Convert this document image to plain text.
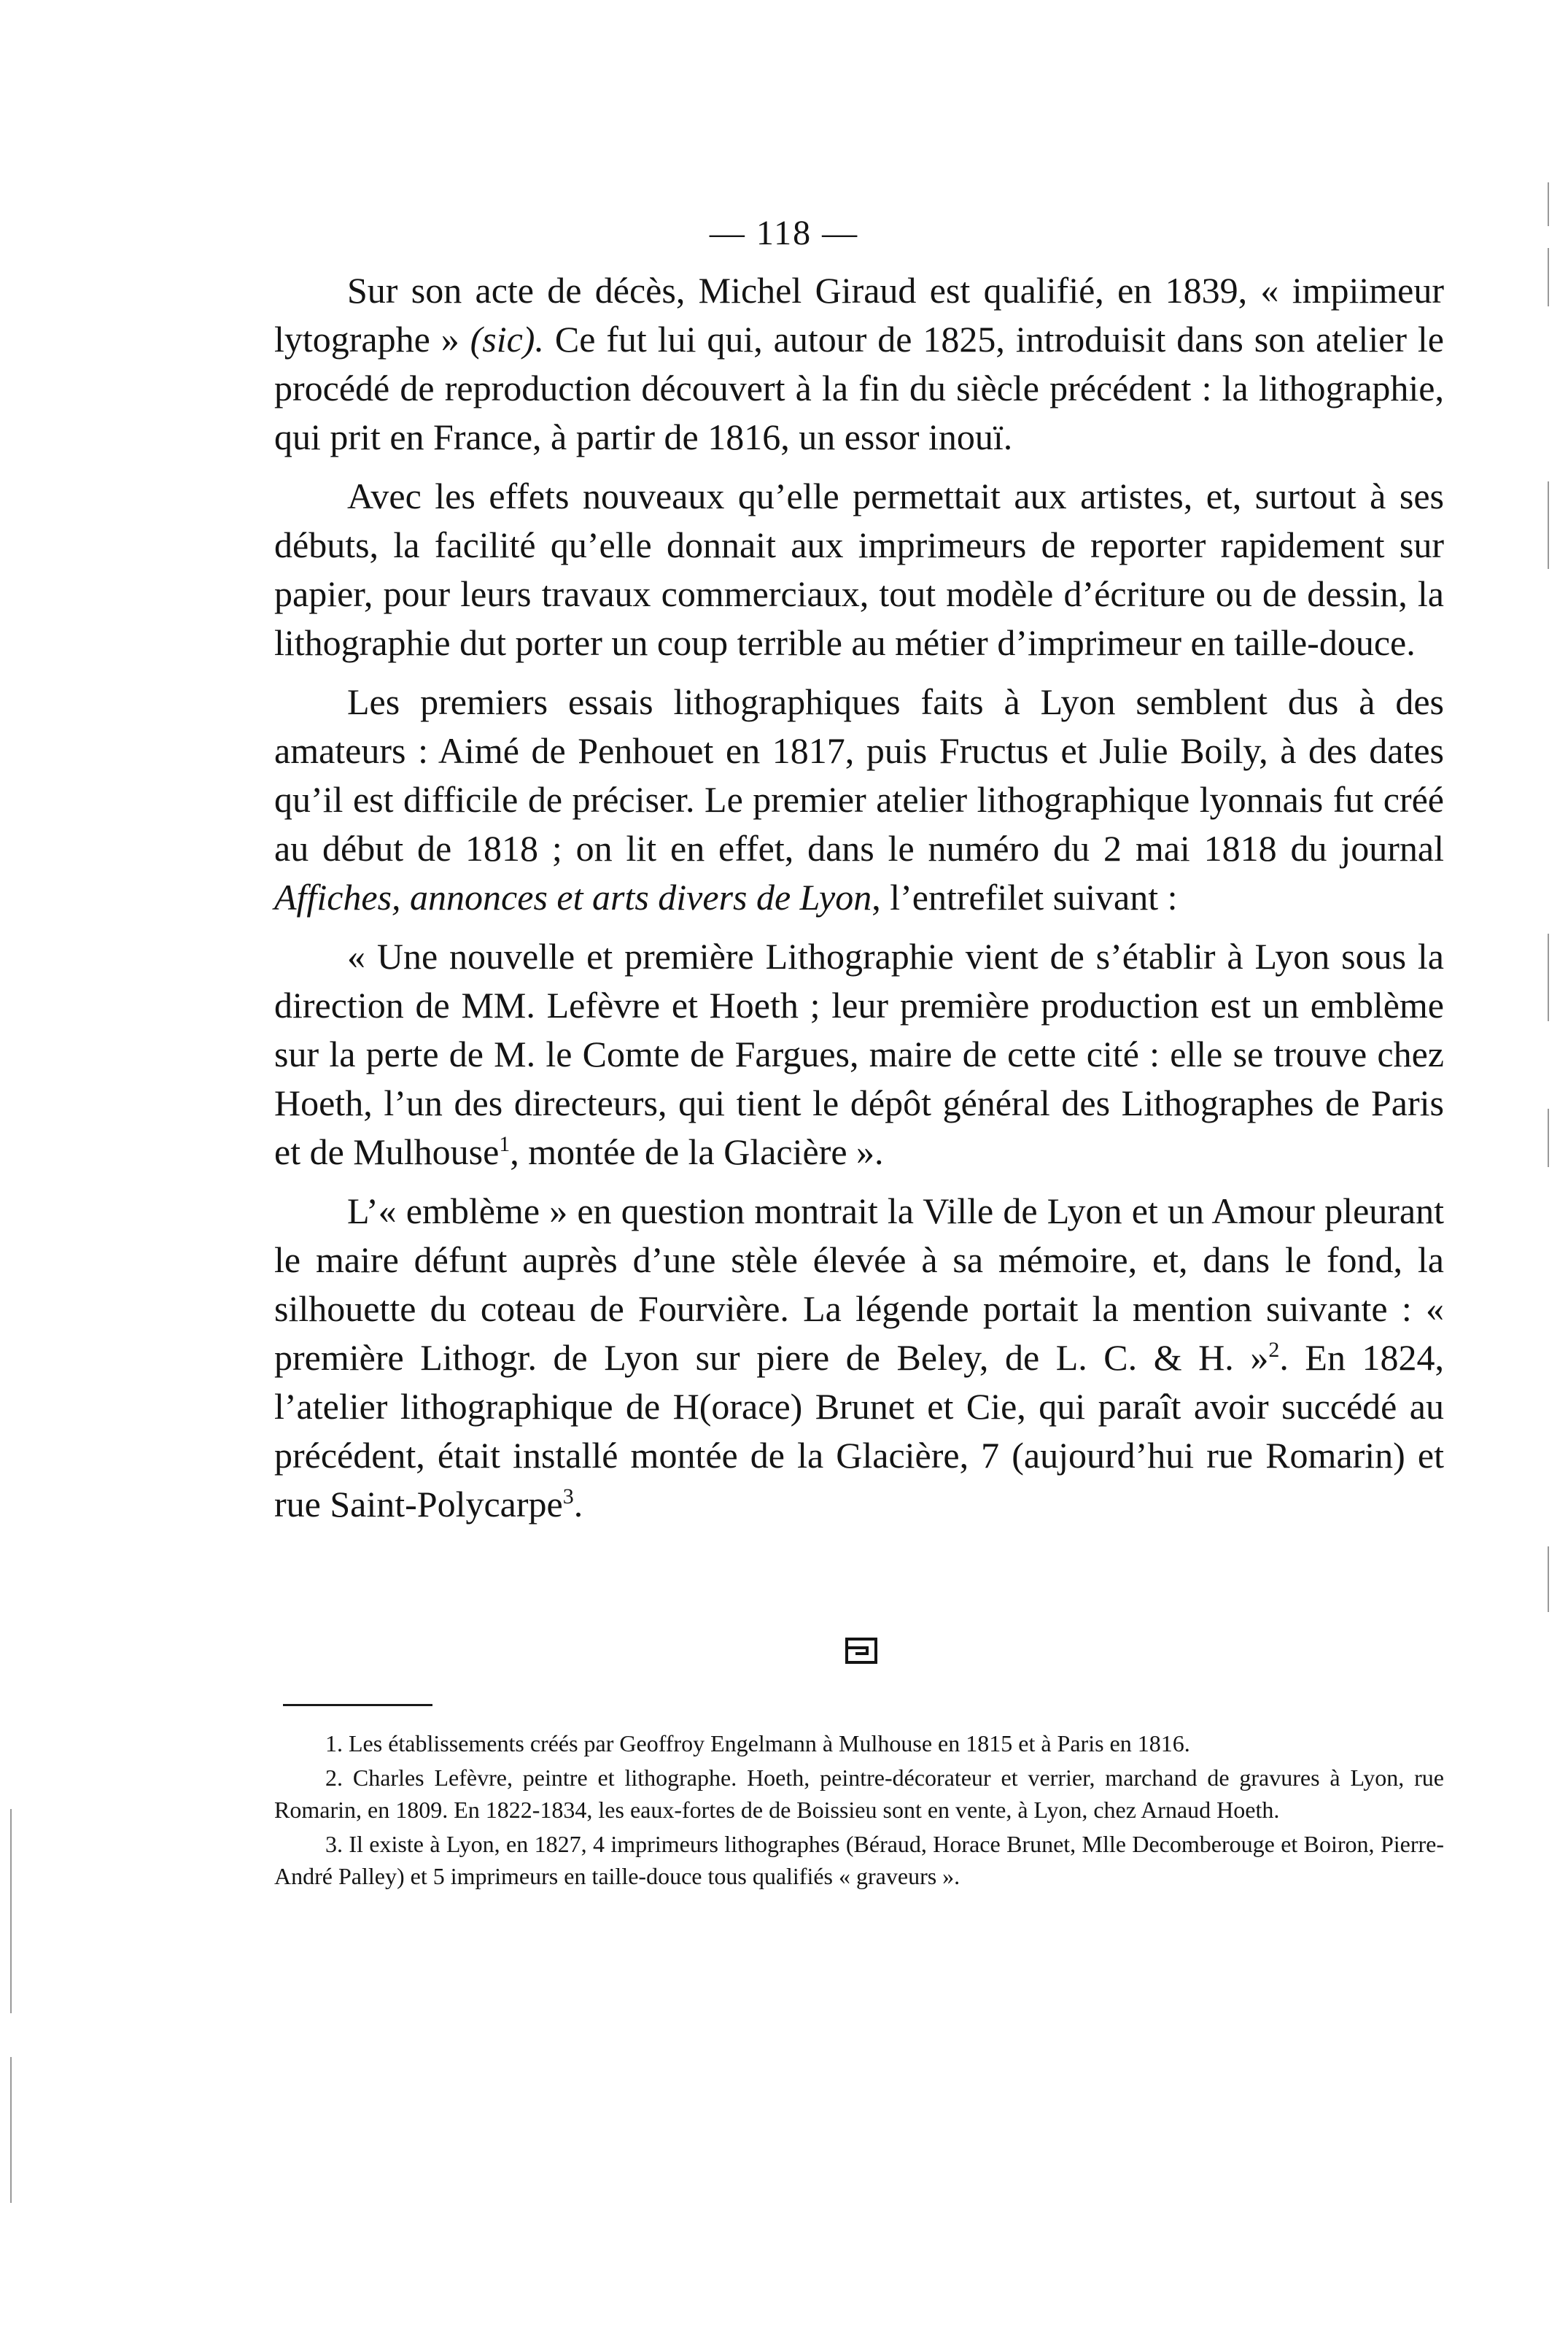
— 118 —

Sur son acte de décès, Michel Giraud est qualifié, en 1839, « impiimeur lytographe » (sic). Ce fut lui qui, autour de 1825, introduisit dans son atelier le procédé de reproduction découvert à la fin du siècle précédent : la lithographie, qui prit en France, à partir de 1816, un essor inouï.

Avec les effets nouveaux qu’elle permettait aux artistes, et, surtout à ses débuts, la facilité qu’elle donnait aux imprimeurs de reporter rapidement sur papier, pour leurs travaux commerciaux, tout modèle d’écriture ou de dessin, la lithographie dut porter un coup terrible au métier d’imprimeur en taille-douce.

Les premiers essais lithographiques faits à Lyon semblent dus à des amateurs : Aimé de Penhouet en 1817, puis Fructus et Julie Boily, à des dates qu’il est difficile de préciser. Le premier atelier lithographique lyonnais fut créé au début de 1818 ; on lit en effet, dans le numéro du 2 mai 1818 du journal Affiches, annonces et arts divers de Lyon, l’entrefilet suivant :

« Une nouvelle et première Lithographie vient de s’établir à Lyon sous la direction de MM. Lefèvre et Hoeth ; leur première production est un emblème sur la perte de M. le Comte de Fargues, maire de cette cité : elle se trouve chez Hoeth, l’un des directeurs, qui tient le dépôt général des Lithographes de Paris et de Mulhouse$^1$, montée de la Glacière ».

L’« emblème » en question montrait la Ville de Lyon et un Amour pleurant le maire défunt auprès d’une stèle élevée à sa mémoire, et, dans le fond, la silhouette du coteau de Fourvière. La légende portait la mention suivante : « première Lithogr. de Lyon sur piere de Beley, de L. C. & H. »$^2$. En 1824, l’atelier lithographique de H(orace) Brunet et Cie, qui paraît avoir succédé au précédent, était installé montée de la Glacière, 7 (aujourd’hui rue Romarin) et rue Saint-Polycarpe$^3$.

1. Les établissements créés par Geoffroy Engelmann à Mulhouse en 1815 et à Paris en 1816.

2. Charles Lefèvre, peintre et lithographe. Hoeth, peintre-décorateur et verrier, marchand de gravures à Lyon, rue Romarin, en 1809. En 1822-1834, les eaux-fortes de de Boissieu sont en vente, à Lyon, chez Arnaud Hoeth.

3. Il existe à Lyon, en 1827, 4 imprimeurs lithographes (Béraud, Horace Brunet, Mlle Decomberouge et Boiron, Pierre-André Palley) et 5 imprimeurs en taille-douce tous qualifiés « graveurs ».
